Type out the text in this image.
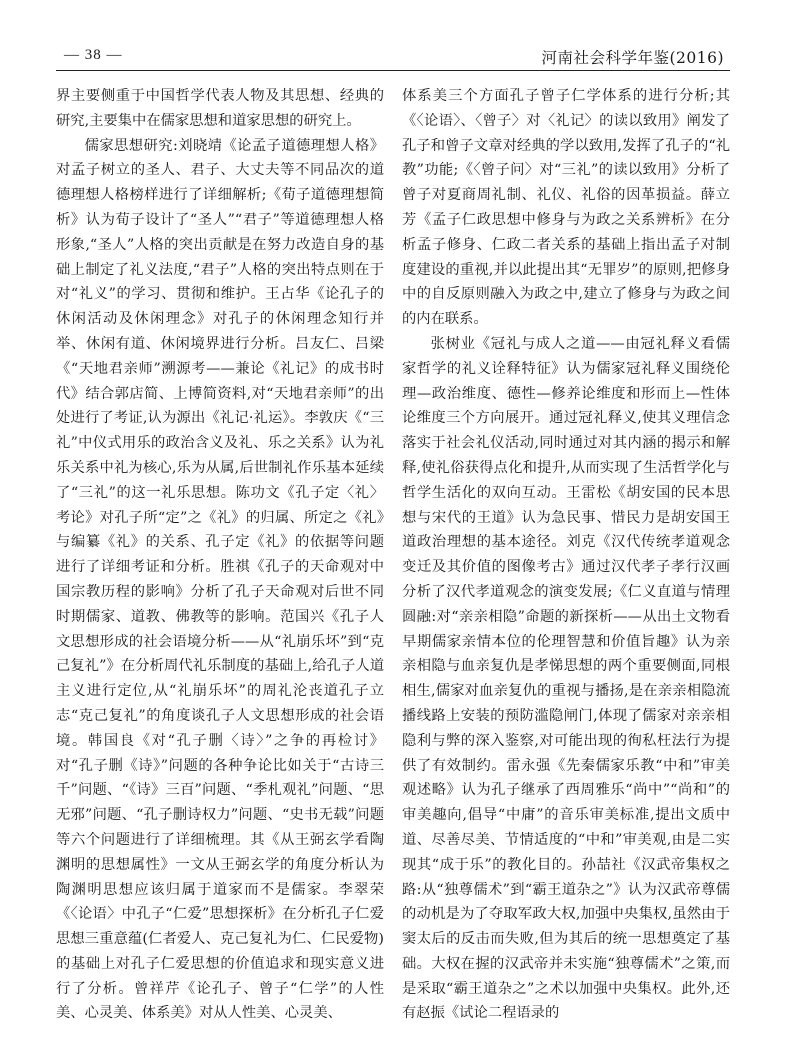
— 38 —	河南社会科学年鉴(2016)

界主要侧重于中国哲学代表人物及其思想、经典的研究,主要集中在儒家思想和道家思想的研究上。

儒家思想研究:刘晓靖《论孟子道德理想人格》对孟子树立的圣人、君子、大丈夫等不同品次的道德理想人格榜样进行了详细解析;《荀子道德理想简析》认为荀子设计了“圣人”“君子”等道德理想人格形象,“圣人”人格的突出贡献是在努力改造自身的基础上制定了礼义法度,“君子”人格的突出特点则在于对“礼义”的学习、贯彻和维护。王占华《论孔子的休闲活动及休闲理念》对孔子的休闲理念知行并举、休闲有道、休闲境界进行分析。吕友仁、吕梁《“天地君亲师”溯源考——兼论《礼记》的成书时代》结合郭店简、上博简资料,对“天地君亲师”的出处进行了考证,认为源出《礼记·礼运》。李敦庆《“三礼”中仪式用乐的政治含义及礼、乐之关系》认为礼乐关系中礼为核心,乐为从属,后世制礼作乐基本延续了“三礼”的这一礼乐思想。陈功文《孔子定〈礼〉考论》对孔子所“定”之《礼》的归属、所定之《礼》与编纂《礼》的关系、孔子定《礼》的依据等问题进行了详细考证和分析。胜祺《孔子的天命观对中国宗教历程的影响》分析了孔子天命观对后世不同时期儒家、道教、佛教等的影响。范国兴《孔子人文思想形成的社会语境分析——从“礼崩乐坏”到“克己复礼”》在分析周代礼乐制度的基础上,给孔子人道主义进行定位,从“礼崩乐坏”的周礼沦丧道孔子立志“克己复礼”的角度谈孔子人文思想形成的社会语境。韩国良《对“孔子删〈诗〉”之争的再检讨》对“孔子删《诗》”问题的各种争论比如关于“古诗三千”问题、“《诗》三百”问题、“季札观礼”问题、“思无邪”问题、“孔子删诗权力”问题、“史书无载”问题等六个问题进行了详细梳理。其《从王弼玄学看陶渊明的思想属性》一文从王弼玄学的角度分析认为陶渊明思想应该归属于道家而不是儒家。李翠荣《〈论语〉中孔子“仁爱”思想探析》在分析孔子仁爱思想三重意蕴(仁者爱人、克己复礼为仁、仁民爱物)的基础上对孔子仁爱思想的价值追求和现实意义进行了分析。曾祥芹《论孔子、曾子“仁学”的人性美、心灵美、体系美》对从人性美、心灵美、

体系美三个方面孔子曾子仁学体系的进行分析;其《〈论语〉、〈曾子〉对〈礼记〉的读以致用》阐发了孔子和曾子文章对经典的学以致用,发挥了孔子的“礼教”功能;《〈曾子问〉对“三礼”的读以致用》分析了曾子对夏商周礼制、礼仪、礼俗的因革损益。薛立芳《孟子仁政思想中修身与为政之关系辨析》在分析孟子修身、仁政二者关系的基础上指出孟子对制度建设的重视,并以此提出其“无罪岁”的原则,把修身中的自反原则融入为政之中,建立了修身与为政之间的内在联系。

张树业《冠礼与成人之道——由冠礼释义看儒家哲学的礼义诠释特征》认为儒家冠礼释义围绕伦理—政治维度、德性—修养论维度和形而上—性体论维度三个方向展开。通过冠礼释义,使其义理信念落实于社会礼仪活动,同时通过对其内涵的揭示和解释,使礼俗获得点化和提升,从而实现了生活哲学化与哲学生活化的双向互动。王雷松《胡安国的民本思想与宋代的王道》认为急民事、惜民力是胡安国王道政治理想的基本途径。刘克《汉代传统孝道观念变迁及其价值的图像考古》通过汉代孝子孝行汉画分析了汉代孝道观念的演变发展;《仁义直道与情理圆融:对“亲亲相隐”命题的新探析——从出土文物看早期儒家亲情本位的伦理智慧和价值旨趣》认为亲亲相隐与血亲复仇是孝悌思想的两个重要侧面,同根相生,儒家对血亲复仇的重视与播扬,是在亲亲相隐流播线路上安装的预防滥隐闸门,体现了儒家对亲亲相隐利与弊的深入鉴察,对可能出现的徇私枉法行为提供了有效制约。雷永强《先秦儒家乐教“中和”审美观述略》认为孔子继承了西周雅乐“尚中”“尚和”的审美趣向,倡导“中庸”的音乐审美标准,提出文质中道、尽善尽美、节情适度的“中和”审美观,由是二实现其“成于乐”的教化目的。孙喆社《汉武帝集权之路:从“独尊儒术”到“霸王道杂之”》认为汉武帝尊儒的动机是为了夺取军政大权,加强中央集权,虽然由于窦太后的反击而失败,但为其后的统一思想奠定了基础。大权在握的汉武帝并未实施“独尊儒术”之策,而是采取“霸王道杂之”之术以加强中央集权。此外,还有赵振《试论二程语录的
